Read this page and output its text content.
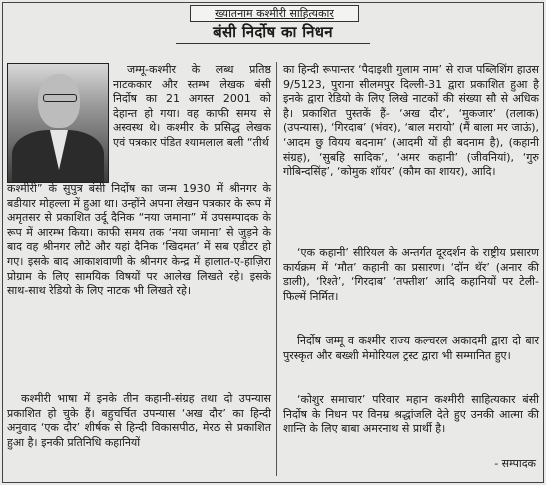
ख्यातनाम कश्मीरी साहित्यकार
बंसी निर्दोष का निधन

जम्मू-कश्मीर के लब्ध प्रतिष्ठ नाटककार और स्तम्भ लेखक बंसी निर्दोष का 21 अगस्त 2001 को देहान्त हो गया। वह काफी समय से अस्वस्थ थे। कश्मीर के प्रसिद्ध लेखक एवं पत्रकार पंडित श्यामलाल बली “तीर्थ

कश्मीरी” के सुपुत्र बंसी निर्दोष का जन्म 1930 में श्रीनगर के बडीयार मोहल्ला में हुआ था। उन्होंने अपना लेखन पत्रकार के रूप में अमृतसर से प्रकाशित उर्दू दैनिक “नया जमाना” में उपसम्पादक के रूप में आरम्भ किया। काफी समय तक ‘नया जमाना’ से जुड़ने के बाद वह श्रीनगर लौटे और यहां दैनिक ‘खिदमत’ में सब एडीटर हो गए। इसके बाद आकाशवाणी के श्रीनगर केन्द्र में हालात-ए-हाज़िरा प्रोग्राम के लिए सामयिक विषयों पर आलेख लिखते रहे। इसके साथ-साथ रेडियो के लिए नाटक भी लिखते रहे।

कश्मीरी भाषा में इनके तीन कहानी-संग्रह तथा दो उपन्यास प्रकाशित हो चुके हैं। बहुचर्चित उपन्यास ‘अख दौर’ का हिन्दी अनुवाद ‘एक दौर’ शीर्षक से हिन्दी विकासपीठ, मेरठ से प्रकाशित हुआ है। इनकी प्रतिनिधि कहानियों

का हिन्दी रूपान्तर ‘पैदाइशी गुलाम नाम’ से राज पब्लिशिंग हाउस 9/5123, पुराना सीलमपुर दिल्ली-31 द्वारा प्रकाशित हुआ है इनके द्वारा रेडियो के लिए लिखे नाटकों की संख्या सौ से अधिक है। प्रकाशित पुस्तकें हैं- ‘अख दौर’, ‘मुकजार’ (तलाक) (उपन्यास), ‘गिरदाब’ (भंवर), ‘बाल मरायो’ (मैं बाला मर जाऊं), ‘आदम छु वियय बदनाम’ (आदमी यों ही बदनाम है), (कहानी संग्रह), ‘सुबहि सादिक’, ‘अमर कहानी’ (जीवनियां), ‘गुरु गोबिन्दसिंह’, ‘कोमुक शॉयर’ (कौम का शायर), आदि।

‘एक कहानी’ सीरियल के अन्तर्गत दूरदर्शन के राष्ट्रीय प्रसारण कार्यक्रम में ‘मौत’ कहानी का प्रसारण। ‘दॉन थॅर’ (अनार की डाली), ‘रिश्ते’, ‘गिरदाब’ ‘तफ्तीश’ आदि कहानियों पर टेली-फिल्में निर्मित।

निर्दोष जम्मू व कश्मीर राज्य कल्चरल अकादमी द्वारा दो बार पुरस्कृत और बख्शी मेमोरियल ट्रस्ट द्वारा भी सम्मानित हुए।

‘कोशुर समाचार’ परिवार महान कश्मीरी साहित्यकार बंसी निर्दोष के निधन पर विनम्र श्रद्धांजलि देते हुए उनकी आत्मा की शान्ति के लिए बाबा अमरनाथ से प्रार्थी है।

- सम्पादक
